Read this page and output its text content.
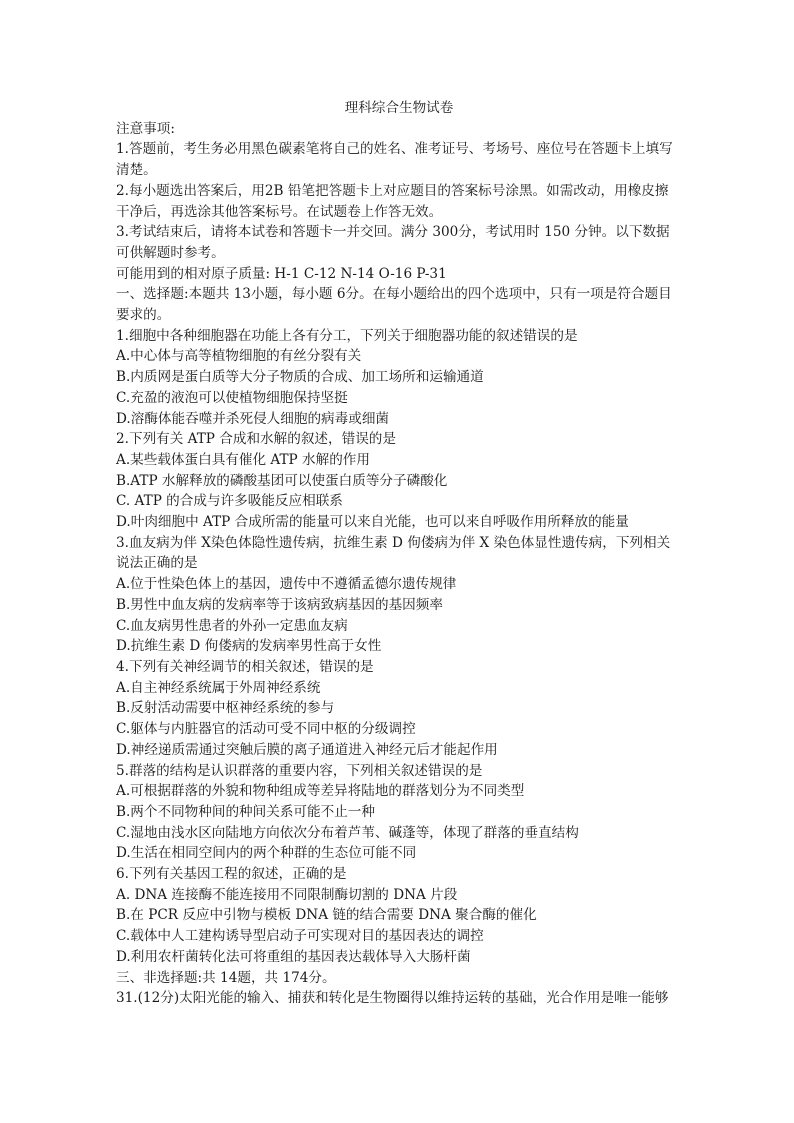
理科综合生物试卷
注意事项:
1.答题前，考生务必用黑色碳素笔将自己的姓名、准考证号、考场号、座位号在答题卡上填写清楚。
2.每小题选出答案后，用2B 铅笔把答题卡上对应题目的答案标号涂黑。如需改动，用橡皮擦干净后，再选涂其他答案标号。在试题卷上作答无效。
3.考试结束后，请将本试卷和答题卡一并交回。满分 300分，考试用时 150 分钟。以下数据可供解题时参考。
可能用到的相对原子质量: H-1 C-12 N-14 O-16 P-31
一、选择题:本题共 13小题，每小题 6分。在每小题给出的四个选项中，只有一项是符合题目要求的。
1.细胞中各种细胞器在功能上各有分工，下列关于细胞器功能的叙述错误的是
A.中心体与高等植物细胞的有丝分裂有关
B.内质网是蛋白质等大分子物质的合成、加工场所和运输通道
C.充盈的液泡可以使植物细胞保持坚挺
D.溶酶体能吞噬并杀死侵人细胞的病毒或细菌
2.下列有关 ATP 合成和水解的叙述，错误的是
A.某些载体蛋白具有催化 ATP 水解的作用
B.ATP 水解释放的磷酸基团可以使蛋白质等分子磷酸化
C. ATP 的合成与许多吸能反应相联系
D.叶肉细胞中 ATP 合成所需的能量可以来自光能，也可以来自呼吸作用所释放的能量
3.血友病为伴 X染色体隐性遗传病，抗维生素 D 佝偻病为伴 X 染色体显性遗传病，下列相关说法正确的是
A.位于性染色体上的基因，遗传中不遵循孟德尔遗传规律
B.男性中血友病的发病率等于该病致病基因的基因频率
C.血友病男性患者的外孙一定患血友病
D.抗维生素 D 佝偻病的发病率男性高于女性
4.下列有关神经调节的相关叙述，错误的是
A.自主神经系统属于外周神经系统
B.反射活动需要中枢神经系统的参与
C.躯体与内脏器官的活动可受不同中枢的分级调控
D.神经递质需通过突触后膜的离子通道进入神经元后才能起作用
5.群落的结构是认识群落的重要内容，下列相关叙述错误的是
A.可根据群落的外貌和物种组成等差异将陆地的群落划分为不同类型
B.两个不同物种间的种间关系可能不止一种
C.湿地由浅水区向陆地方向依次分布着芦苇、碱蓬等，体现了群落的垂直结构
D.生活在相同空间内的两个种群的生态位可能不同
6.下列有关基因工程的叙述，正确的是
A. DNA 连接酶不能连接用不同限制酶切割的 DNA 片段
B.在 PCR 反应中引物与模板 DNA 链的结合需要 DNA 聚合酶的催化
C.载体中人工建构诱导型启动子可实现对目的基因表达的调控
D.利用农杆菌转化法可将重组的基因表达载体导入大肠杆菌
三、非选择题:共 14题，共 174分。
31.(12分)太阳光能的输入、捕获和转化是生物圈得以维持运转的基础，光合作用是唯一能够
